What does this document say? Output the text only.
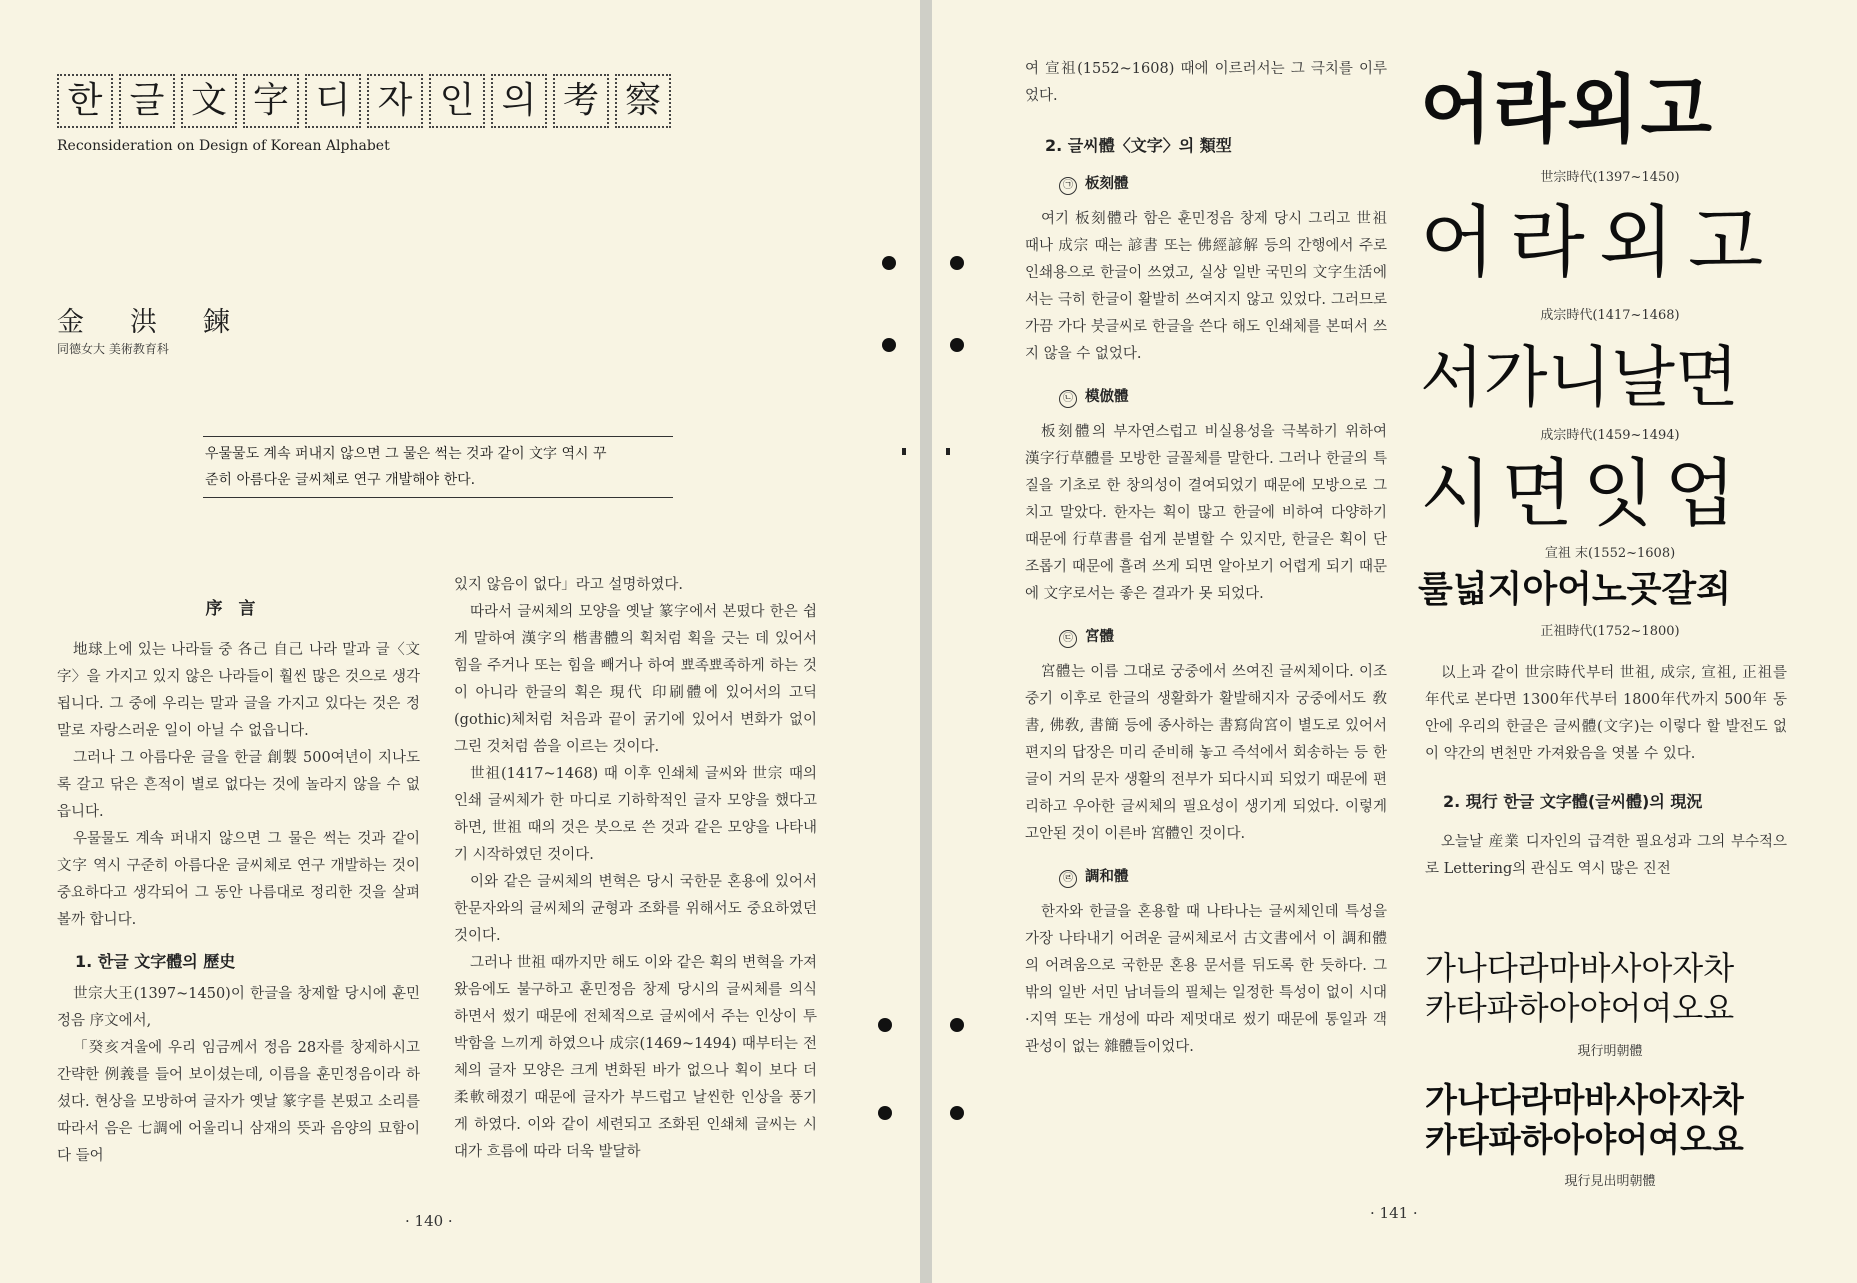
한 글 文 字 디 자 인 의 考 察
Reconsideration on Design of Korean Alphabet
金洪鍊
同德女大 美術教育科

우물물도 계속 퍼내지 않으면 그 물은 썩는 것과 같이 文字 역시 꾸

준히 아름다운 글씨체로 연구 개발해야 한다.

序言

地球上에 있는 나라들 중 各己 自己 나라 말과 글〈文字〉을 가지고 있지 않은 나라들이 훨씬 많은 것으로 생각됩니다. 그 중에 우리는 말과 글을 가지고 있다는 것은 정말로 자랑스러운 일이 아닐 수 없읍니다.

그러나 그 아름다운 글을 한글 創製 500여년이 지나도록 갈고 닦은 흔적이 별로 없다는 것에 놀라지 않을 수 없읍니다.

우물물도 계속 퍼내지 않으면 그 물은 썩는 것과 같이 文字 역시 구준히 아름다운 글씨체로 연구 개발하는 것이 중요하다고 생각되어 그 동안 나름대로 정리한 것을 살펴볼까 합니다.

1. 한글 文字體의 歷史

世宗大王(1397~1450)이 한글을 창제할 당시에 훈민정음 序文에서,

「癸亥겨울에 우리 임금께서 정음 28자를 창제하시고 간략한 例義를 들어 보이셨는데, 이름을 훈민정음이라 하셨다. 현상을 모방하여 글자가 옛날 篆字를 본떴고 소리를 따라서 음은 七調에 어울리니 삼재의 뜻과 음양의 묘함이 다 들어

있지 않음이 없다」라고 설명하였다.

따라서 글씨체의 모양을 옛날 篆字에서 본떴다 한은 쉽게 말하여 漢字의 楷書體의 획처럼 획을 긋는 데 있어서 힘을 주거나 또는 힘을 빼거나 하여 뾰족뾰족하게 하는 것이 아니라 한글의 획은 現代 印刷體에 있어서의 고딕(gothic)체처럼 처음과 끝이 굵기에 있어서 변화가 없이 그린 것처럼 씀을 이르는 것이다.

世祖(1417~1468) 때 이후 인쇄체 글씨와 世宗 때의 인쇄 글씨체가 한 마디로 기하학적인 글자 모양을 했다고 하면, 世祖 때의 것은 붓으로 쓴 것과 같은 모양을 나타내기 시작하였던 것이다.

이와 같은 글씨체의 변혁은 당시 국한문 혼용에 있어서 한문자와의 글씨체의 균형과 조화를 위해서도 중요하였던 것이다.

그러나 世祖 때까지만 해도 이와 같은 획의 변혁을 가져왔음에도 불구하고 훈민정음 창제 당시의 글씨체를 의식하면서 썼기 때문에 전체적으로 글씨에서 주는 인상이 투박함을 느끼게 하였으나 成宗(1469~1494) 때부터는 전체의 글자 모양은 크게 변화된 바가 없으나 획이 보다 더 柔軟해졌기 때문에 글자가 부드럽고 날씬한 인상을 풍기게 하였다. 이와 같이 세련되고 조화된 인쇄체 글씨는 시대가 흐름에 따라 더욱 발달하

· 140 ·

여 宣祖(1552~1608) 때에 이르러서는 그 극치를 이루었다.

2. 글씨體〈文字〉의 類型

㉠ 板刻體

여기 板刻體라 함은 훈민정음 창제 당시 그리고 世祖 때나 成宗 때는 諺書 또는 佛經諺解 등의 간행에서 주로 인쇄용으로 한글이 쓰였고, 실상 일반 국민의 文字生活에서는 극히 한글이 활발히 쓰여지지 않고 있었다. 그러므로 가끔 가다 붓글씨로 한글을 쓴다 해도 인쇄체를 본떠서 쓰지 않을 수 없었다.

㉡ 模倣體

板刻體의 부자연스럽고 비실용성을 극복하기 위하여 漢字行草體를 모방한 글꼴체를 말한다. 그러나 한글의 특질을 기초로 한 창의성이 결여되었기 때문에 모방으로 그치고 말았다. 한자는 획이 많고 한글에 비하여 다양하기 때문에 行草書를 쉽게 분별할 수 있지만, 한글은 획이 단조롭기 때문에 흘려 쓰게 되면 알아보기 어렵게 되기 때문에 文字로서는 좋은 결과가 못 되었다.

㉢ 宮體

宮體는 이름 그대로 궁중에서 쓰여진 글씨체이다. 이조 중기 이후로 한글의 생활화가 활발해지자 궁중에서도 敎書, 佛敎, 書簡 등에 종사하는 書寫尙宮이 별도로 있어서 편지의 답장은 미리 준비해 놓고 즉석에서 회송하는 등 한글이 거의 문자 생활의 전부가 되다시피 되었기 때문에 편리하고 우아한 글씨체의 필요성이 생기게 되었다. 이렇게 고안된 것이 이른바 宮體인 것이다.

㉣ 調和體

한자와 한글을 혼용할 때 나타나는 글씨체인데 특성을 가장 나타내기 어려운 글씨체로서 古文書에서 이 調和體의 어려움으로 국한문 혼용 문서를 뒤도록 한 듯하다. 그 밖의 일반 서민 남녀들의 필체는 일정한 특성이 없이 시대·지역 또는 개성에 따라 제멋대로 썼기 때문에 통일과 객관성이 없는 雜體들이었다.

어라외고
世宗時代(1397~1450)
어라외고
成宗時代(1417~1468)
서가니날면
成宗時代(1459~1494)
시면잇업
宣祖 末(1552~1608)
룰넓지아어노곳갈죄
正祖時代(1752~1800)

以上과 같이 世宗時代부터 世祖, 成宗, 宣祖, 正祖를 年代로 본다면 1300年代부터 1800年代까지 500年 동안에 우리의 한글은 글씨體(文字)는 이렇다 할 발전도 없이 약간의 변천만 가져왔음을 엿볼 수 있다.

2. 現行 한글 文字體(글씨體)의 現況

오늘날 産業 디자인의 급격한 필요성과 그의 부수적으로 Lettering의 관심도 역시 많은 진전

가나다라마바사아자차
카타파하아야어여오요
現行明朝體
가나다라마바사아자차
카타파하아야어여오요
現行見出明朝體
· 141 ·
